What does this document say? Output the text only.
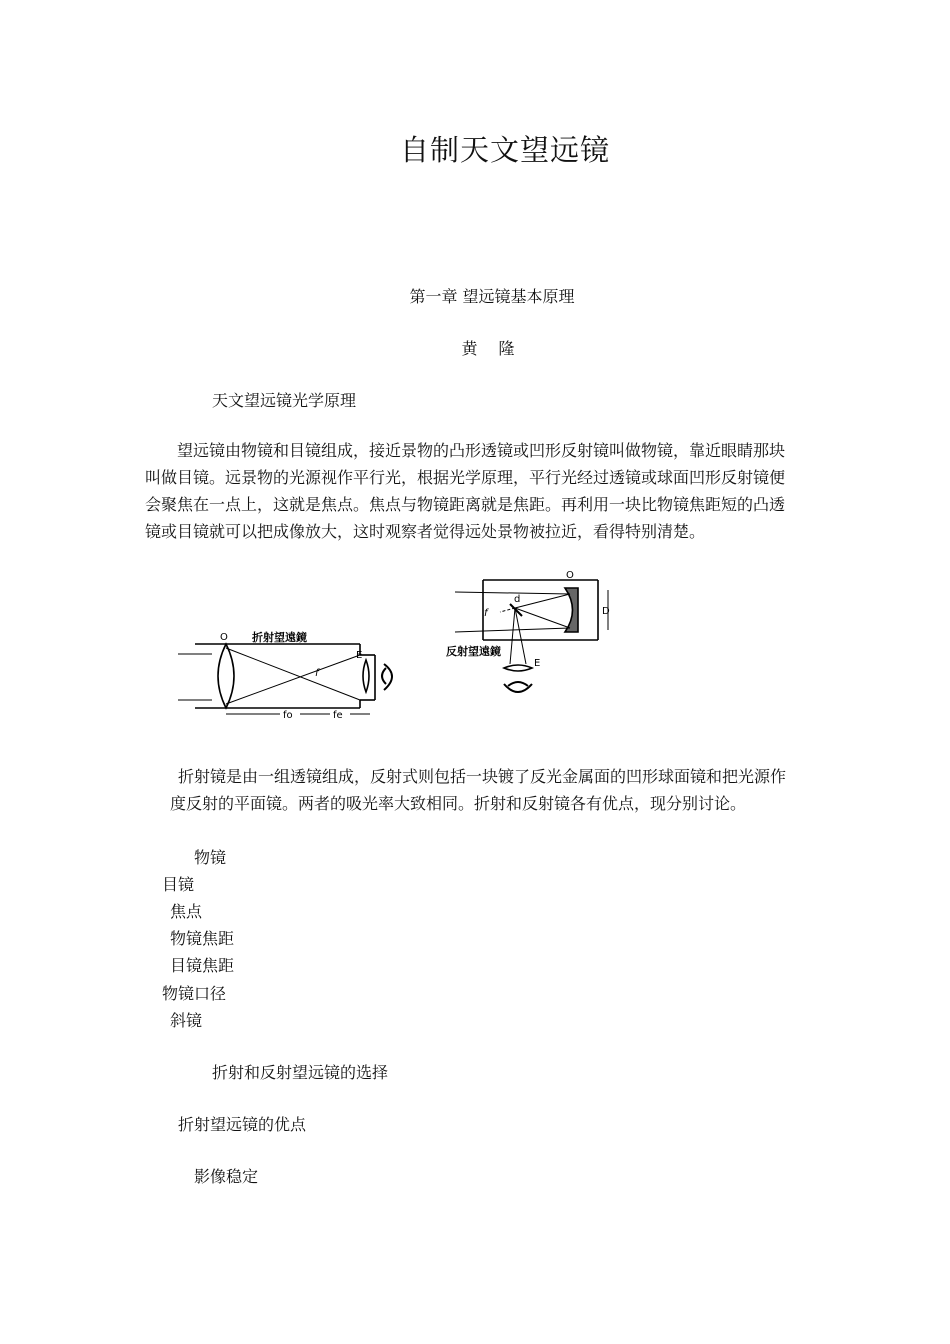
自制天文望远镜
第一章 望远镜基本原理
黄 隆
天文望远镜光学原理

望远镜由物镜和目镜组成，接近景物的凸形透镜或凹形反射镜叫做物镜，靠近眼睛那块

叫做目镜。远景物的光源视作平行光，根据光学原理，平行光经过透镜或球面凹形反射镜便

会聚焦在一点上，这就是焦点。焦点与物镜距离就是焦距。再利用一块比物镜焦距短的凸透

镜或目镜就可以把成像放大，这时观察者觉得远处景物被拉近，看得特别清楚。

折射望遠鏡
O
f
E
fo	fe
反射望遠鏡
O
d
f	D
E

折射镜是由一组透镜组成，反射式则包括一块镀了反光金属面的凹形球面镜和把光源作

度反射的平面镜。两者的吸光率大致相同。折射和反射镜各有优点，现分别讨论。

物镜
目镜
焦点
物镜焦距
目镜焦距
物镜口径
斜镜
折射和反射望远镜的选择
折射望远镜的优点
影像稳定
